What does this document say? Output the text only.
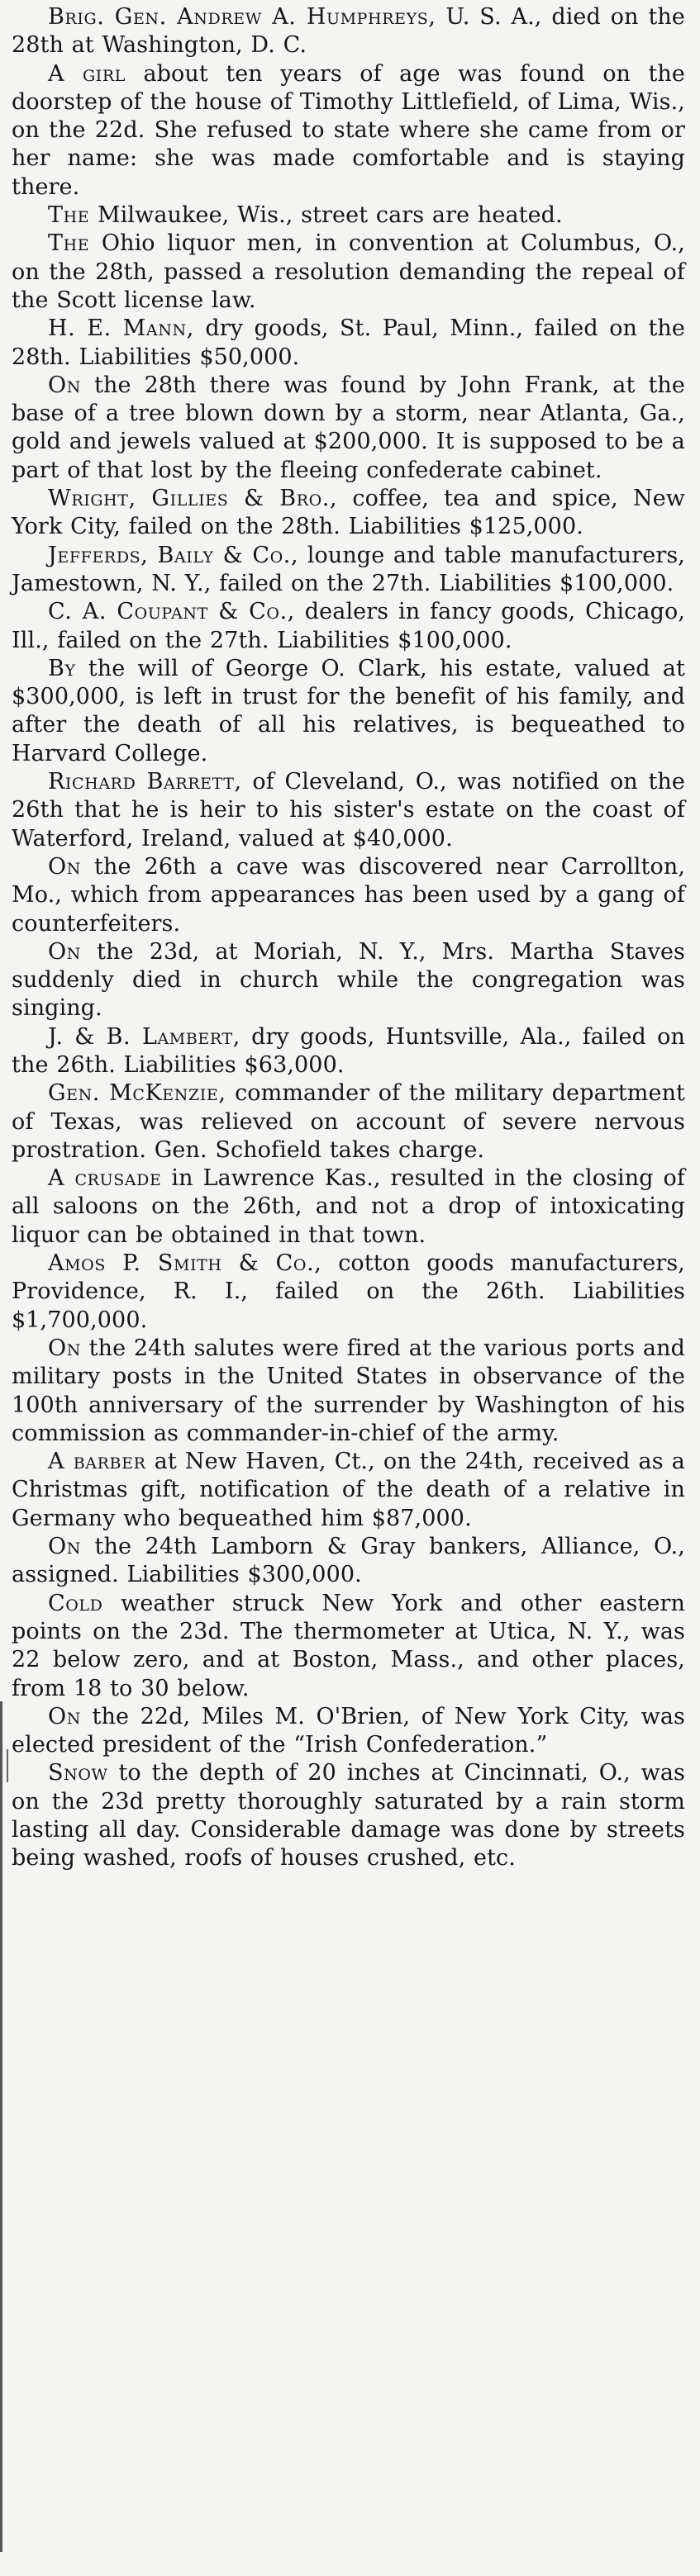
Brig. Gen. Andrew A. Humphreys, U. S. A., died on the 28th at Washington, D. C.

A girl about ten years of age was found on the doorstep of the house of Timothy Littlefield, of Lima, Wis., on the 22d. She refused to state where she came from or her name: she was made comfortable and is staying there.

The Milwaukee, Wis., street cars are heated.

The Ohio liquor men, in convention at Columbus, O., on the 28th, passed a resolution demanding the repeal of the Scott license law.

H. E. Mann, dry goods, St. Paul, Minn., failed on the 28th. Liabilities $50,000.

On the 28th there was found by John Frank, at the base of a tree blown down by a storm, near Atlanta, Ga., gold and jewels valued at $200,000. It is supposed to be a part of that lost by the fleeing confederate cabinet.

Wright, Gillies & Bro., coffee, tea and spice, New York City, failed on the 28th. Liabilities $125,000.

Jefferds, Baily & Co., lounge and table manufacturers, Jamestown, N. Y., failed on the 27th. Liabilities $100,000.

C. A. Coupant & Co., dealers in fancy goods, Chicago, Ill., failed on the 27th. Liabilities $100,000.

By the will of George O. Clark, his estate, valued at $300,000, is left in trust for the benefit of his family, and after the death of all his relatives, is bequeathed to Harvard College.

Richard Barrett, of Cleveland, O., was notified on the 26th that he is heir to his sister's estate on the coast of Waterford, Ireland, valued at $40,000.

On the 26th a cave was discovered near Carrollton, Mo., which from appearances has been used by a gang of counterfeiters.

On the 23d, at Moriah, N. Y., Mrs. Martha Staves suddenly died in church while the congregation was singing.

J. & B. Lambert, dry goods, Huntsville, Ala., failed on the 26th. Liabilities $63,000.

Gen. McKenzie, commander of the military department of Texas, was relieved on account of severe nervous prostration. Gen. Schofield takes charge.

A crusade in Lawrence Kas., resulted in the closing of all saloons on the 26th, and not a drop of intoxicating liquor can be obtained in that town.

Amos P. Smith & Co., cotton goods manufacturers, Providence, R. I., failed on the 26th. Liabilities $1,700,000.

On the 24th salutes were fired at the various ports and military posts in the United States in observance of the 100th anniversary of the surrender by Washington of his commission as commander-in-chief of the army.

A barber at New Haven, Ct., on the 24th, received as a Christmas gift, notification of the death of a relative in Germany who bequeathed him $87,000.

On the 24th Lamborn & Gray bankers, Alliance, O., assigned. Liabilities $300,000.

Cold weather struck New York and other eastern points on the 23d. The thermometer at Utica, N. Y., was 22 below zero, and at Boston, Mass., and other places, from 18 to 30 below.

On the 22d, Miles M. O'Brien, of New York City, was elected president of the “Irish Confederation.”

Snow to the depth of 20 inches at Cincinnati, O., was on the 23d pretty thoroughly saturated by a rain storm lasting all day. Considerable damage was done by streets being washed, roofs of houses crushed, etc.
